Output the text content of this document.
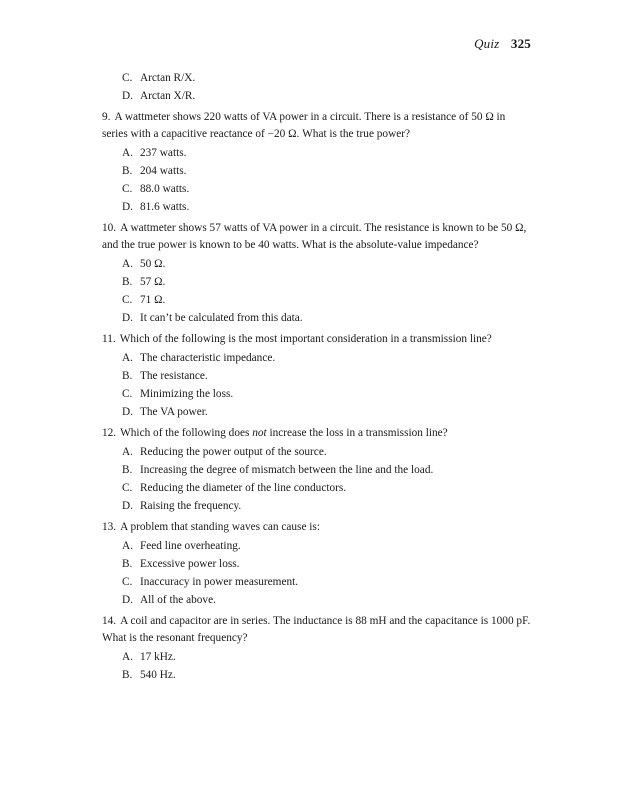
Quiz 325
C. Arctan R/X.
D. Arctan X/R.
9. A wattmeter shows 220 watts of VA power in a circuit. There is a resistance of 50 Ω in series with a capacitive reactance of −20 Ω. What is the true power?
A. 237 watts.
B. 204 watts.
C. 88.0 watts.
D. 81.6 watts.
10. A wattmeter shows 57 watts of VA power in a circuit. The resistance is known to be 50 Ω, and the true power is known to be 40 watts. What is the absolute-value impedance?
A. 50 Ω.
B. 57 Ω.
C. 71 Ω.
D. It can’t be calculated from this data.
11. Which of the following is the most important consideration in a transmission line?
A. The characteristic impedance.
B. The resistance.
C. Minimizing the loss.
D. The VA power.
12. Which of the following does not increase the loss in a transmission line?
A. Reducing the power output of the source.
B. Increasing the degree of mismatch between the line and the load.
C. Reducing the diameter of the line conductors.
D. Raising the frequency.
13. A problem that standing waves can cause is:
A. Feed line overheating.
B. Excessive power loss.
C. Inaccuracy in power measurement.
D. All of the above.
14. A coil and capacitor are in series. The inductance is 88 mH and the capacitance is 1000 pF. What is the resonant frequency?
A. 17 kHz.
B. 540 Hz.
